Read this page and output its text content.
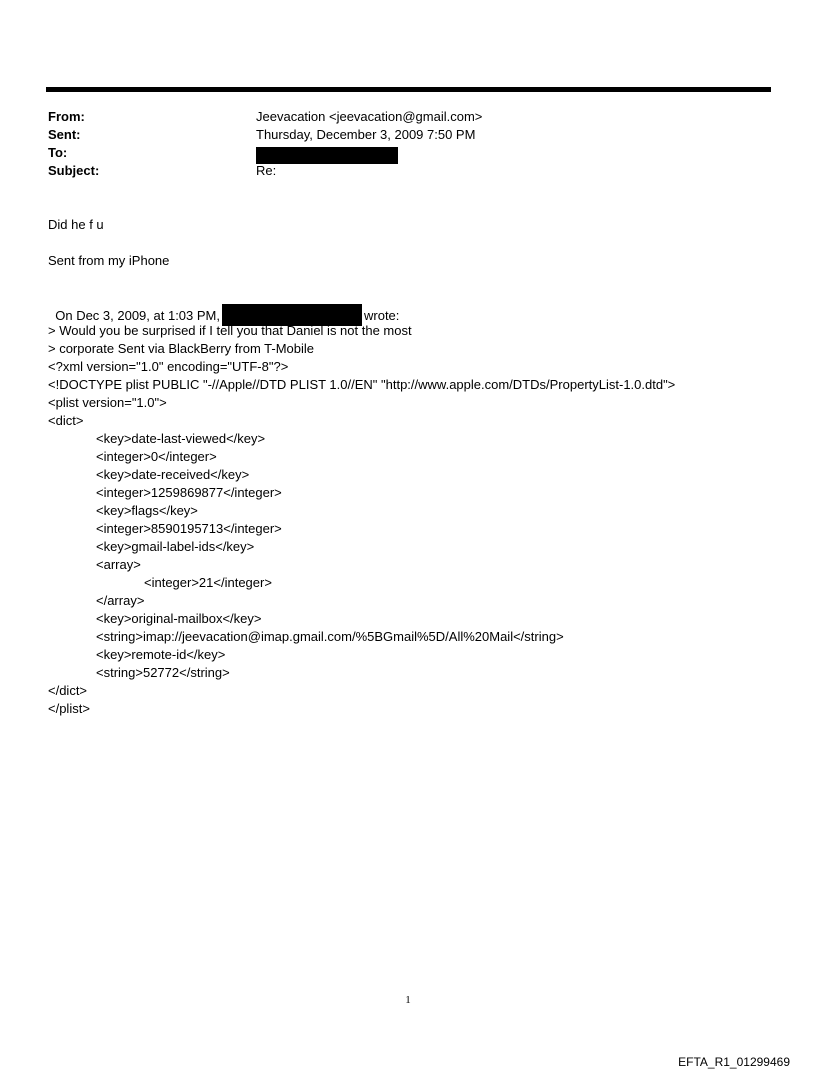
From:	Jeevacation <jeevacation@gmail.com>
Sent:	Thursday, December 3, 2009 7:50 PM
To:
Subject:	Re:
Did he f u
Sent from my iPhone

On Dec 3, 2009, at 1:03 PM,	wrote:

> Would you be surprised if I tell you that Daniel is not the most
> corporate Sent via BlackBerry from T-Mobile
<?xml version="1.0" encoding="UTF-8"?>
<!DOCTYPE plist PUBLIC "-//Apple//DTD PLIST 1.0//EN" "http://www.apple.com/DTDs/PropertyList-1.0.dtd">
<plist version="1.0">
<dict>
<key>date-last-viewed</key>
<integer>0</integer>
<key>date-received</key>
<integer>1259869877</integer>
<key>flags</key>
<integer>8590195713</integer>
<key>gmail-label-ids</key>
<array>
<integer>21</integer>
</array>
<key>original-mailbox</key>
<string>imap://jeevacation@imap.gmail.com/%5BGmail%5D/All%20Mail</string>
<key>remote-id</key>
<string>52772</string>
</dict>
</plist>
1
EFTA_R1_01299469
